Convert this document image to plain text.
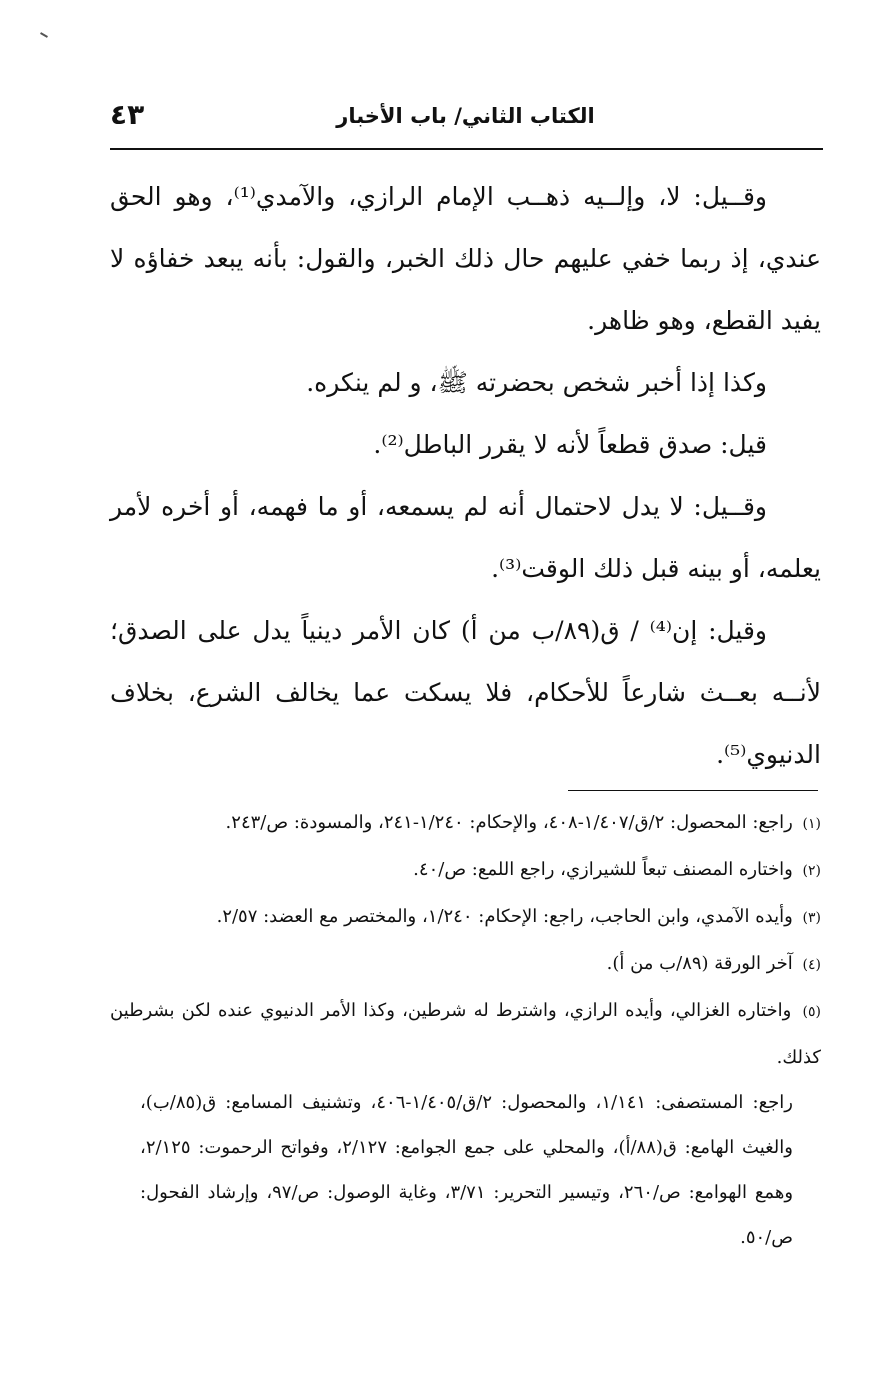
الكتاب الثاني/ باب الأخبار
٤٣

وقــيل: لا، وإلــيه ذهــب الإمام الرازي، والآمدي⁽¹⁾، وهو الحق عندي، إذ ربما خفي عليهم حال ذلك الخبر، والقول: بأنه يبعد خفاؤه لا يفيد القطع، وهو ظاهر.

وكذا إذا أخبر شخص بحضرته ﷺ، و لم ينكره.

قيل: صدق قطعاً لأنه لا يقرر الباطل⁽²⁾.

وقــيل: لا يدل لاحتمال أنه لم يسمعه، أو ما فهمه، أو أخره لأمر يعلمه، أو بينه قبل ذلك الوقت⁽³⁾.

وقيل: إن⁽⁴⁾ / ق(٨٩/ب من أ) كان الأمر دينياً يدل على الصدق؛ لأنــه بعــث شارعاً للأحكام، فلا يسكت عما يخالف الشرع، بخلاف الدنيوي⁽⁵⁾.

(١) راجع: المحصول: ٢/ق/١/٤٠٧-٤٠٨، والإحكام: ١/٢٤٠-٢٤١، والمسودة: ص/٢٤٣.

(٢) واختاره المصنف تبعاً للشيرازي، راجع اللمع: ص/٤٠.

(٣) وأيده الآمدي، وابن الحاجب، راجع: الإحكام: ١/٢٤٠، والمختصر مع العضد: ٢/٥٧.

(٤) آخر الورقة (٨٩/ب من أ).

(٥) واختاره الغزالي، وأيده الرازي، واشترط له شرطين، وكذا الأمر الدنيوي عنده لكن بشرطين كذلك.

راجع: المستصفى: ١/١٤١، والمحصول: ٢/ق/١/٤٠٥-٤٠٦، وتشنيف المسامع: ق(٨٥/ب)، والغيث الهامع: ق(٨٨/أ)، والمحلي على جمع الجوامع: ٢/١٢٧، وفواتح الرحموت: ٢/١٢٥، وهمع الهوامع: ص/٢٦٠، وتيسير التحرير: ٣/٧١، وغاية الوصول: ص/٩٧، وإرشاد الفحول: ص/٥٠.
